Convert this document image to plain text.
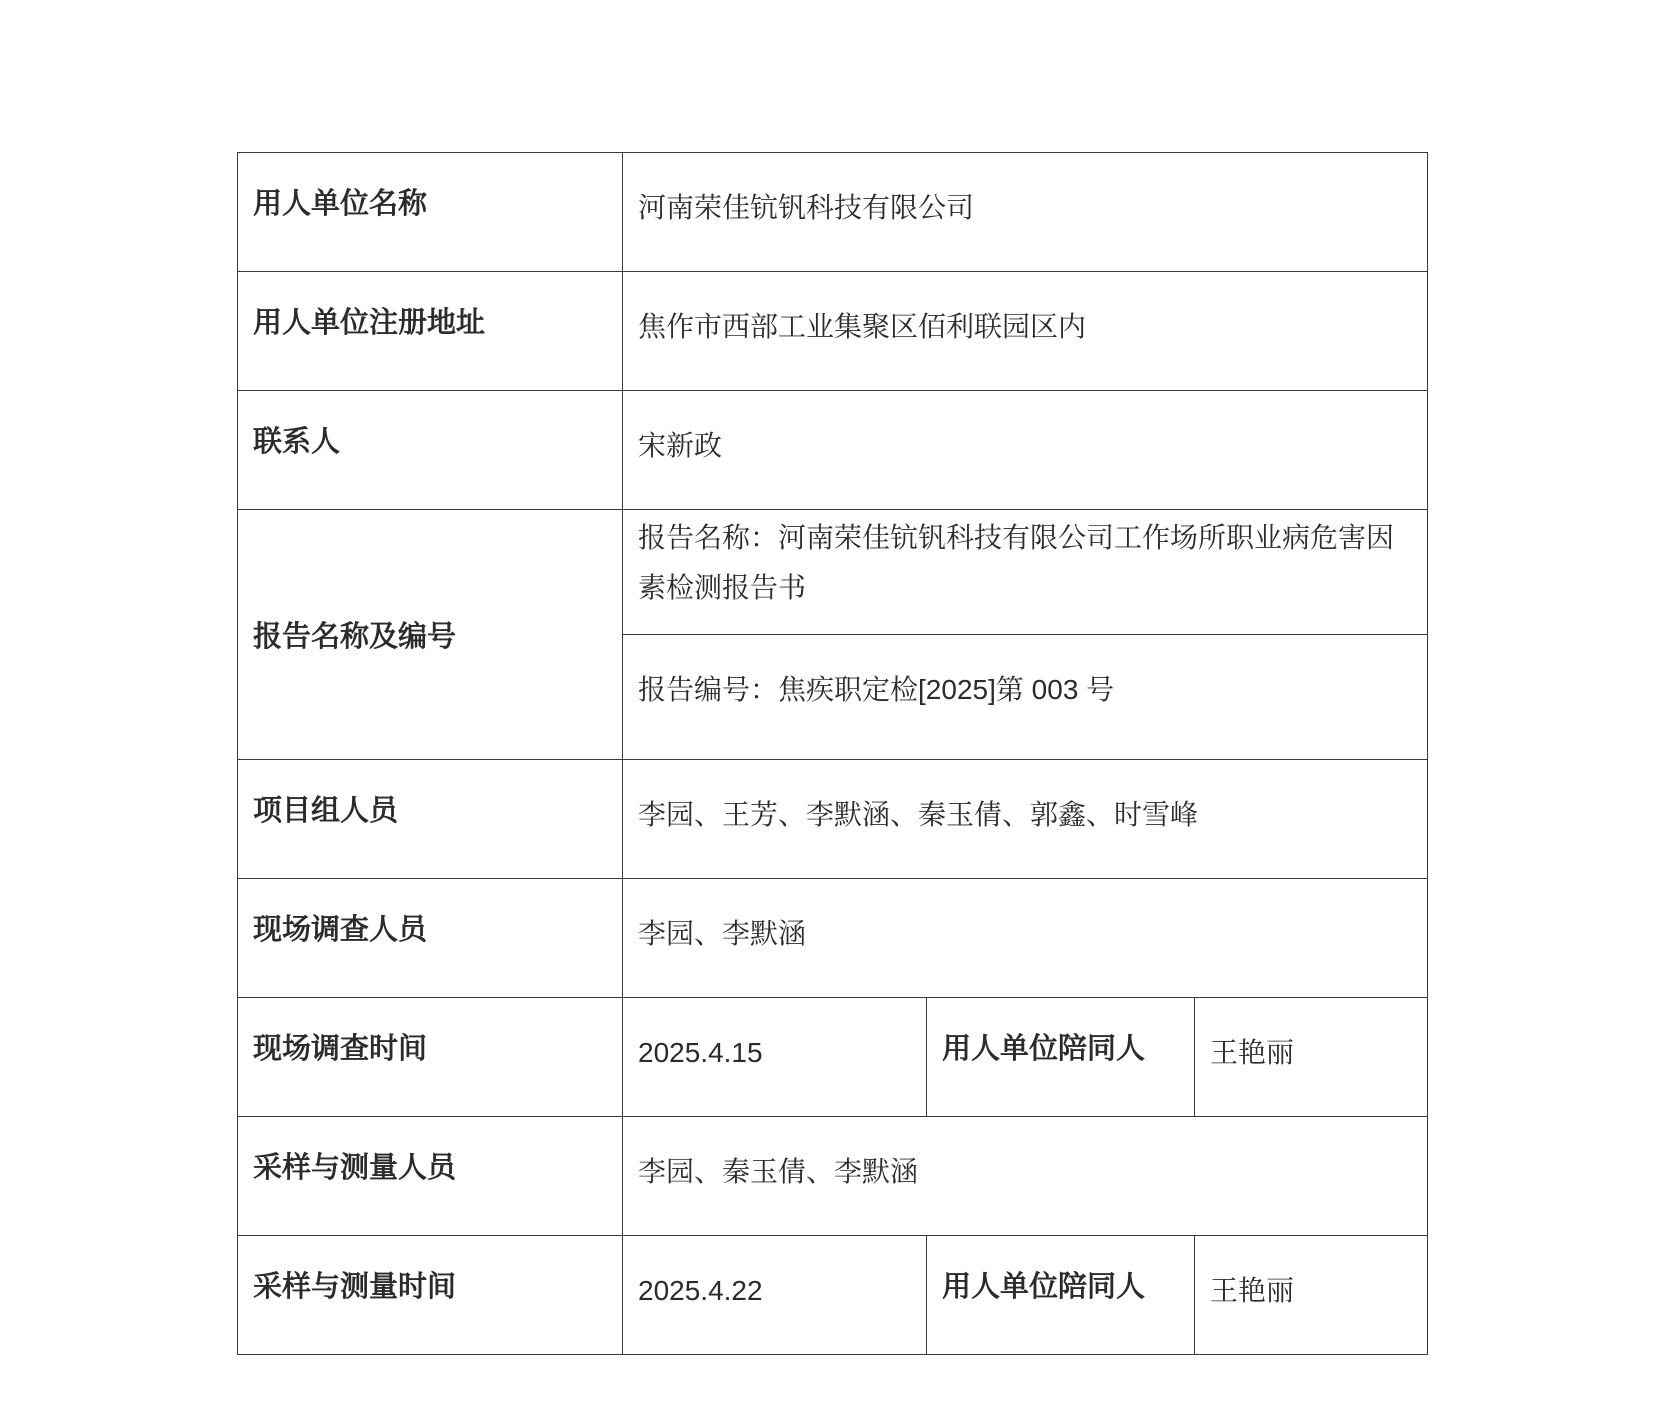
用人单位名称	河南荣佳钪钒科技有限公司		
用人单位注册地址	焦作市西部工业集聚区佰利联园区内		
联系人	宋新政		
报告名称及编号	报告名称：河南荣佳钪钒科技有限公司工作场所职业病危害因素检测报告书		
	报告编号：焦疾职定检[2025]第 003 号		
项目组人员	李园、王芳、李默涵、秦玉倩、郭鑫、时雪峰		
现场调查人员	李园、李默涵		
现场调查时间	2025.4.15	用人单位陪同人	王艳丽
采样与测量人员	李园、秦玉倩、李默涵		
采样与测量时间	2025.4.22	用人单位陪同人	王艳丽
